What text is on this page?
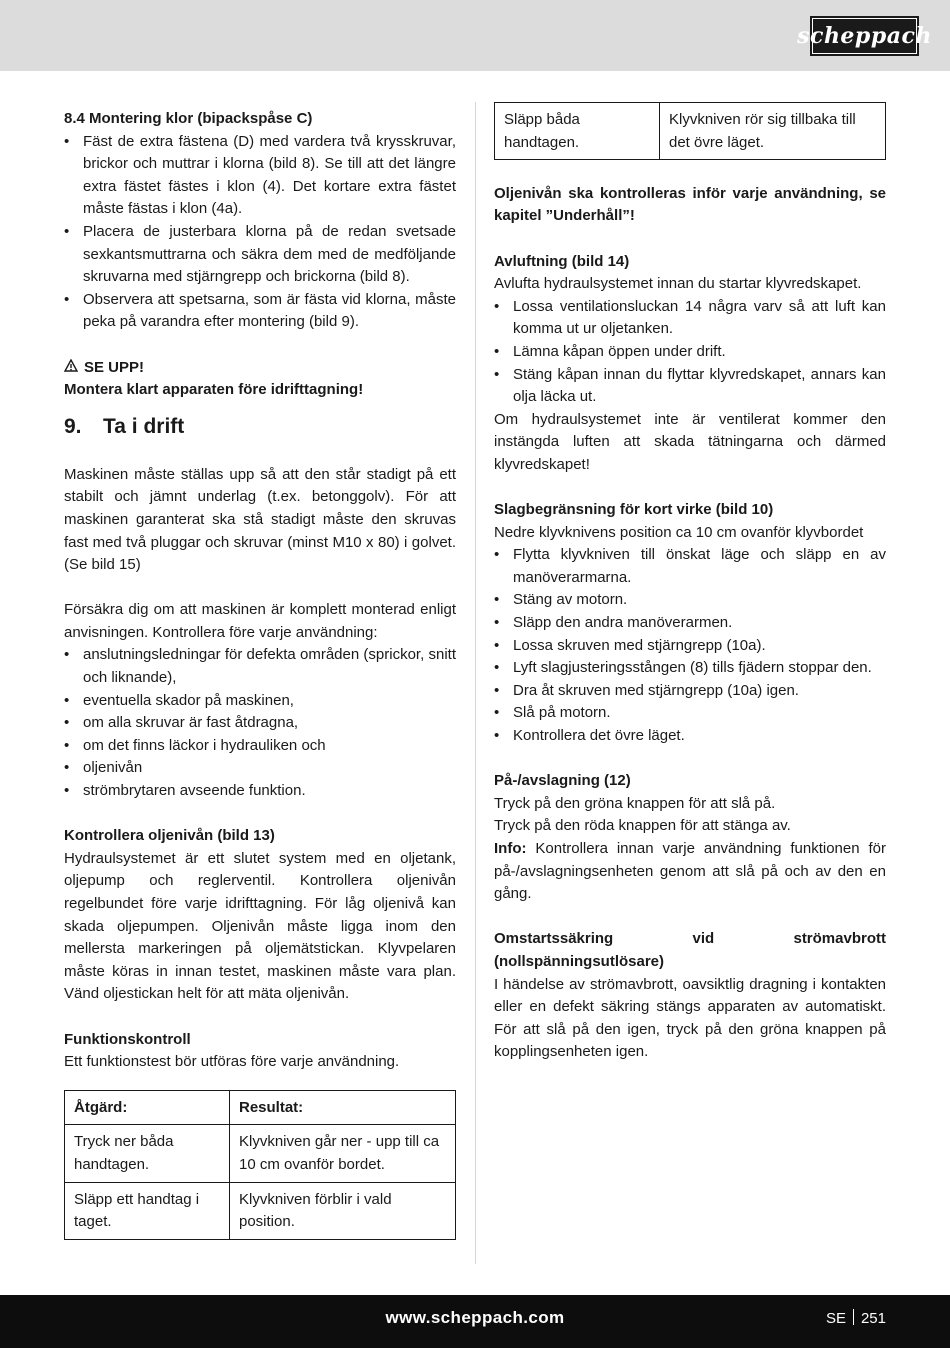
scheppach

8.4 Montering klor (bipackspåse C)

• Fäst de extra fästena (D) med vardera två krysskruvar, brickor och muttrar i klorna (bild 8). Se till att det längre extra fästet fästes i klon (4). Det kortare extra fästet måste fästas i klon (4a).
• Placera de justerbara klorna på de redan svetsade sexkantsmuttrarna och säkra dem med de medföljande skruvarna med stjärngrepp och brickorna (bild 8).
• Observera att spetsarna, som är fästa vid klorna, måste peka på varandra efter montering (bild 9).

SE UPP!

Montera klart apparaten före idrifttagning!

9. Ta i drift

Maskinen måste ställas upp så att den står stadigt på ett stabilt och jämnt underlag (t.ex. betonggolv). För att maskinen garanterat ska stå stadigt måste den skruvas fast med två pluggar och skruvar (minst M10 x 80) i golvet. (Se bild 15)

Försäkra dig om att maskinen är komplett monterad enligt anvisningen. Kontrollera före varje användning:

• anslutningsledningar för defekta områden (sprickor, snitt och liknande),
• eventuella skador på maskinen,
• om alla skruvar är fast åtdragna,
• om det finns läckor i hydrauliken och
• oljenivån
• strömbrytaren avseende funktion.

Kontrollera oljenivån (bild 13)

Hydraulsystemet är ett slutet system med en oljetank, oljepump och reglerventil. Kontrollera oljenivån regelbundet före varje idrifttagning. För låg oljenivå kan skada oljepumpen. Oljenivån måste ligga inom den mellersta markeringen på oljemätstickan. Klyvpelaren måste köras in innan testet, maskinen måste vara plan. Vänd oljestickan helt för att mäta oljenivån.

Funktionskontroll

Ett funktionstest bör utföras före varje användning.

Åtgärd:	Resultat:
Tryck ner båda handtagen.	Klyvkniven går ner - upp till ca 10 cm ovanför bordet.
Släpp ett handtag i taget.	Klyvkniven förblir i vald position.
Släpp båda handtagen.	Klyvkniven rör sig tillbaka till det övre läget.

Oljenivån ska kontrolleras inför varje användning, se kapitel ”Underhåll”!

Avluftning (bild 14)

Avlufta hydraulsystemet innan du startar klyvredskapet.

• Lossa ventilationsluckan 14 några varv så att luft kan komma ut ur oljetanken.
• Lämna kåpan öppen under drift.
• Stäng kåpan innan du flyttar klyvredskapet, annars kan olja läcka ut.

Om hydraulsystemet inte är ventilerat kommer den instängda luften att skada tätningarna och därmed klyvredskapet!

Slagbegränsning för kort virke (bild 10)

Nedre klyvknivens position ca 10 cm ovanför klyvbordet

• Flytta klyvkniven till önskat läge och släpp en av manöverarmarna.
• Stäng av motorn.
• Släpp den andra manöverarmen.
• Lossa skruven med stjärngrepp (10a).
• Lyft slagjusteringsstången (8) tills fjädern stoppar den.
• Dra åt skruven med stjärngrepp (10a) igen.
• Slå på motorn.
• Kontrollera det övre läget.

På-/avslagning (12)

Tryck på den gröna knappen för att slå på.

Tryck på den röda knappen för att stänga av.

Info: Kontrollera innan varje användning funktionen för på-/avslagningsenheten genom att slå på och av den en gång.

Omstartssäkring vid strömavbrott (nollspänningsutlösare)

I händelse av strömavbrott, oavsiktlig dragning i kontakten eller en defekt säkring stängs apparaten av automatiskt. För att slå på den igen, tryck på den gröna knappen på kopplingsenheten igen.

www.scheppach.com	SE 251
